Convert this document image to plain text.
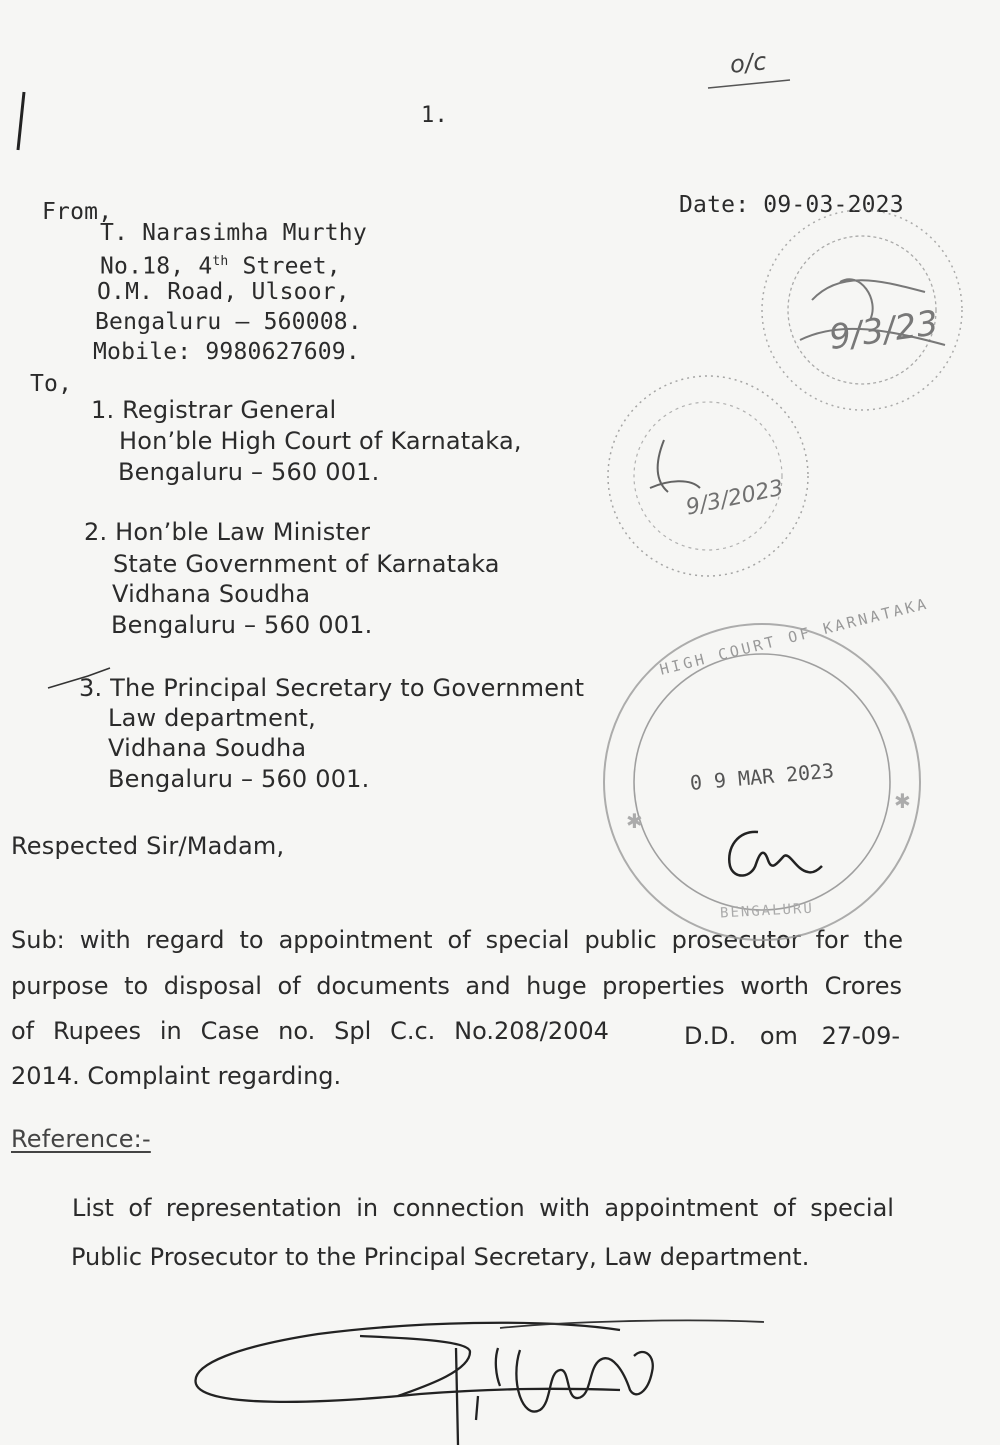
1.
o/c
Date: 09-03-2023
From,
T. Narasimha Murthy
No.18, 4th Street,
O.M. Road, Ulsoor,
Bengaluru – 560008.
Mobile: 9980627609.
To,
1. Registrar General
Hon’ble High Court of Karnataka,
Bengaluru – 560 001.
2. Hon’ble Law Minister
State Government of Karnataka
Vidhana Soudha
Bengaluru – 560 001.
3. The Principal Secretary to Government
Law department,
Vidhana Soudha
Bengaluru – 560 001.
Respected Sir/Madam,
Sub: with regard to appointment of special public prosecutor for the
purpose to disposal of documents and huge properties worth Crores
of Rupees in Case no. Spl C.c. No.208/2004	D.D. om 27-09-
2014. Complaint regarding.
Reference:-
List of representation in connection with appointment of special
Public Prosecutor to the Principal Secretary, Law department.
9/3/23
9/3/2023
✱
✱
0 9 MAR 2023
HIGH COURT OF KARNATAKA
BENGALURU
